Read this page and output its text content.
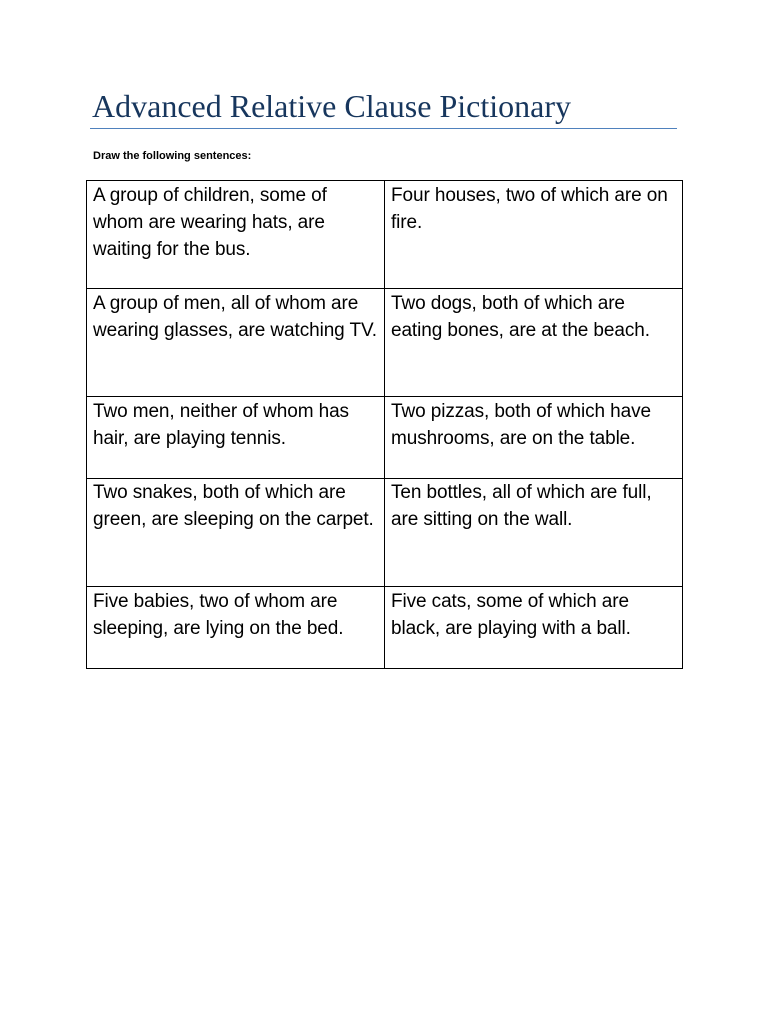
Advanced Relative Clause Pictionary

Draw the following sentences:

A group of children, some of whom are wearing hats, are waiting for the bus.	Four houses, two of which are on fire.

A group of men, all of whom are wearing glasses, are watching TV.	Two dogs, both of which are eating bones, are at the beach.

Two men, neither of whom has hair, are playing tennis.	Two pizzas, both of which have mushrooms, are on the table.

Two snakes, both of which are green, are sleeping on the carpet.	Ten bottles, all of which are full, are sitting on the wall.

Five babies, two of whom are sleeping, are lying on the bed.	Five cats, some of which are black, are playing with a ball.
